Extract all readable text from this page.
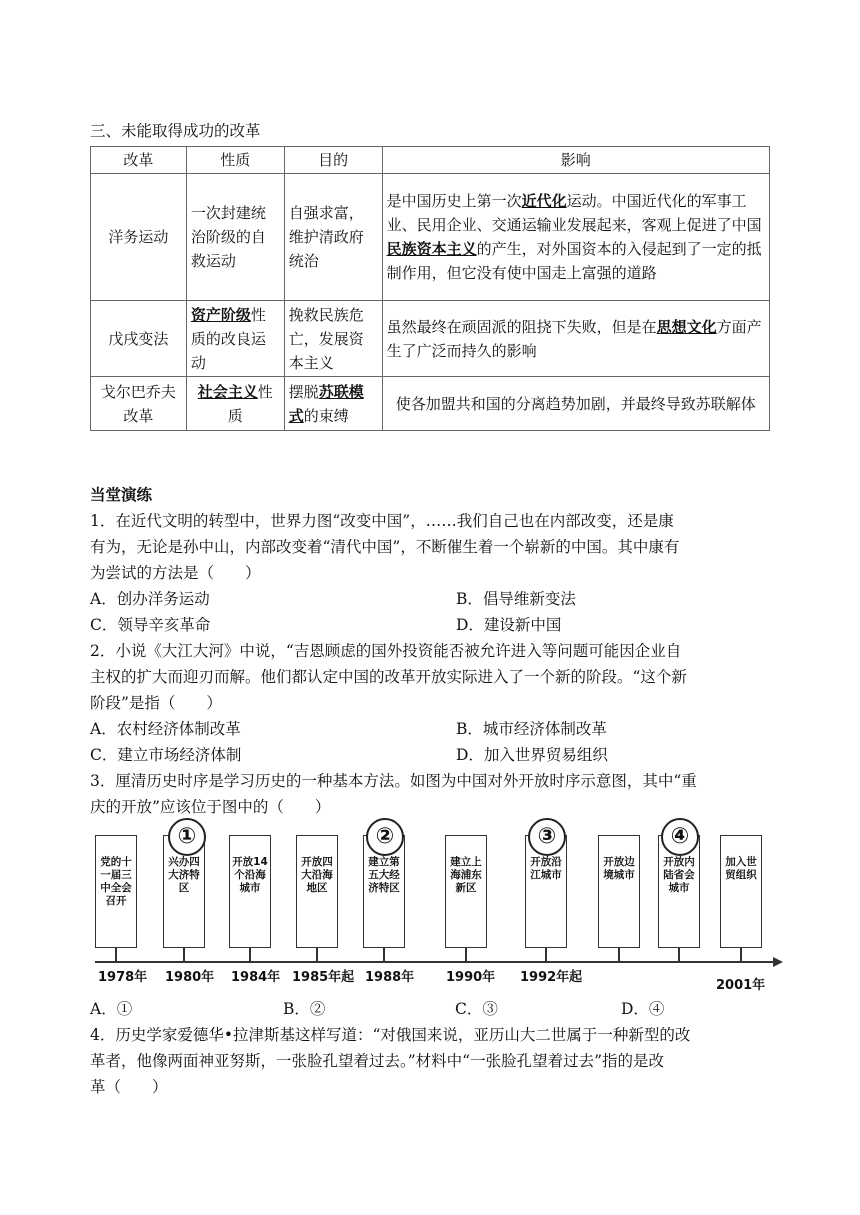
三、未能取得成功的改革
改革	性质	目的	影响
洋务运动	一次封建统治阶级的自救运动	自强求富，维护清政府统治	是中国历史上第一次近代化运动。中国近代化的军事工业、民用企业、交通运输业发展起来，客观上促进了中国民族资本主义的产生，对外国资本的入侵起到了一定的抵制作用，但它没有使中国走上富强的道路
戊戌变法	资产阶级性质的改良运动	挽救民族危亡，发展资本主义	虽然最终在顽固派的阻挠下失败，但是在思想文化方面产生了广泛而持久的影响
戈尔巴乔夫改革	社会主义性质	摆脱苏联模式的束缚	使各加盟共和国的分离趋势加剧，并最终导致苏联解体
当堂演练
1．在近代文明的转型中，世界力图“改变中国”，……我们自己也在内部改变，还是康
有为，无论是孙中山，内部改变着“清代中国”，不断催生着一个崭新的中国。其中康有
为尝试的方法是（　　）
A．创办洋务运动	B．倡导维新变法
C．领导辛亥革命	D．建设新中国
2．小说《大江大河》中说，“吉恩顾虑的国外投资能否被允许进入等问题可能因企业自
主权的扩大而迎刃而解。他们都认定中国的改革开放实际进入了一个新的阶段。“这个新
阶段”是指（　　）
A．农村经济体制改革	B．城市经济体制改革
C．建立市场经济体制	D．加入世界贸易组织
3．厘清历史时序是学习历史的一种基本方法。如图为中国对外开放时序示意图，其中“重
庆的开放”应该位于图中的（　　）
党的十一届三中全会召开
兴办四大济特区
开放14个沿海城市
开放四大沿海地区
建立第五大经济特区
建立上海浦东新区
开放沿江城市
开放边境城市
开放内陆省会城市
加入世贸组织
①	②	③	④
1978年 1980年 1984年 1985年起 1988年 1990年 1992年起
2001年
A．①	B．②	C．③	D．④
4．历史学家爱德华•拉津斯基这样写道：“对俄国来说，亚历山大二世属于一种新型的改
革者，他像两面神亚努斯，一张脸孔望着过去。”材料中“一张脸孔望着过去”指的是改
革（　　）
